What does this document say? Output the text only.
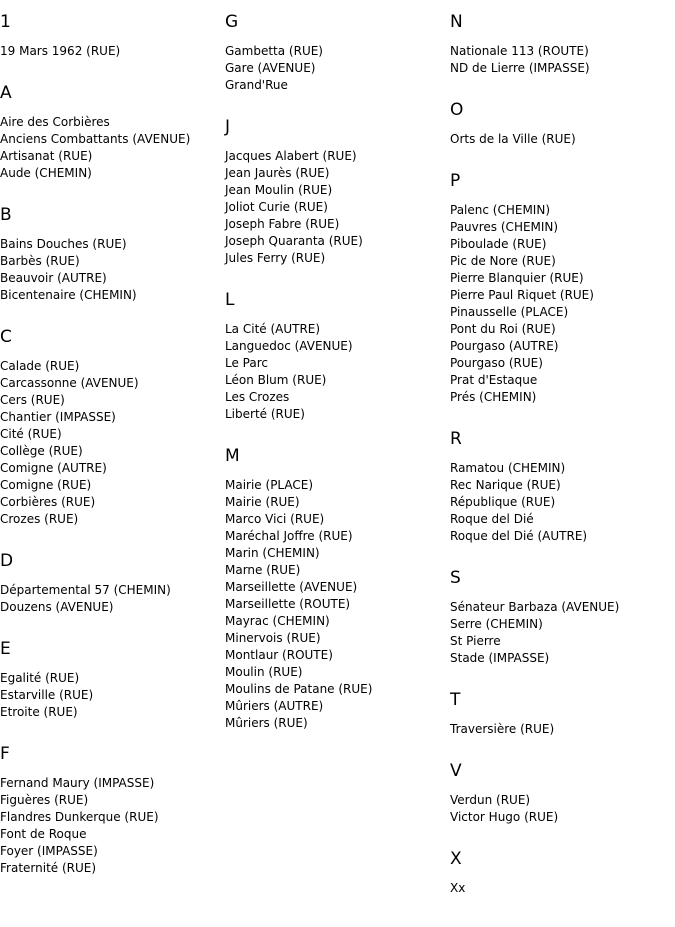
1
19 Mars 1962 (RUE)
A
Aire des Corbières
Anciens Combattants (AVENUE)
Artisanat (RUE)
Aude (CHEMIN)
B
Bains Douches (RUE)
Barbès (RUE)
Beauvoir (AUTRE)
Bicentenaire (CHEMIN)
C
Calade (RUE)
Carcassonne (AVENUE)
Cers (RUE)
Chantier (IMPASSE)
Cité (RUE)
Collège (RUE)
Comigne (AUTRE)
Comigne (RUE)
Corbières (RUE)
Crozes (RUE)
D
Départemental 57 (CHEMIN)
Douzens (AVENUE)
E
Egalité (RUE)
Estarville (RUE)
Etroite (RUE)
F
Fernand Maury (IMPASSE)
Figuères (RUE)
Flandres Dunkerque (RUE)
Font de Roque
Foyer (IMPASSE)
Fraternité (RUE)
G
Gambetta (RUE)
Gare (AVENUE)
Grand'Rue
J
Jacques Alabert (RUE)
Jean Jaurès (RUE)
Jean Moulin (RUE)
Joliot Curie (RUE)
Joseph Fabre (RUE)
Joseph Quaranta (RUE)
Jules Ferry (RUE)
L
La Cité (AUTRE)
Languedoc (AVENUE)
Le Parc
Léon Blum (RUE)
Les Crozes
Liberté (RUE)
M
Mairie (PLACE)
Mairie (RUE)
Marco Vici (RUE)
Maréchal Joffre (RUE)
Marin (CHEMIN)
Marne (RUE)
Marseillette (AVENUE)
Marseillette (ROUTE)
Mayrac (CHEMIN)
Minervois (RUE)
Montlaur (ROUTE)
Moulin (RUE)
Moulins de Patane (RUE)
Mûriers (AUTRE)
Mûriers (RUE)
N
Nationale 113 (ROUTE)
ND de Lierre (IMPASSE)
O
Orts de la Ville (RUE)
P
Palenc (CHEMIN)
Pauvres (CHEMIN)
Piboulade (RUE)
Pic de Nore (RUE)
Pierre Blanquier (RUE)
Pierre Paul Riquet (RUE)
Pinausselle (PLACE)
Pont du Roi (RUE)
Pourgaso (AUTRE)
Pourgaso (RUE)
Prat d'Estaque
Prés (CHEMIN)
R
Ramatou (CHEMIN)
Rec Narique (RUE)
République (RUE)
Roque del Dié
Roque del Dié (AUTRE)
S
Sénateur Barbaza (AVENUE)
Serre (CHEMIN)
St Pierre
Stade (IMPASSE)
T
Traversière (RUE)
V
Verdun (RUE)
Victor Hugo (RUE)
X
Xx
